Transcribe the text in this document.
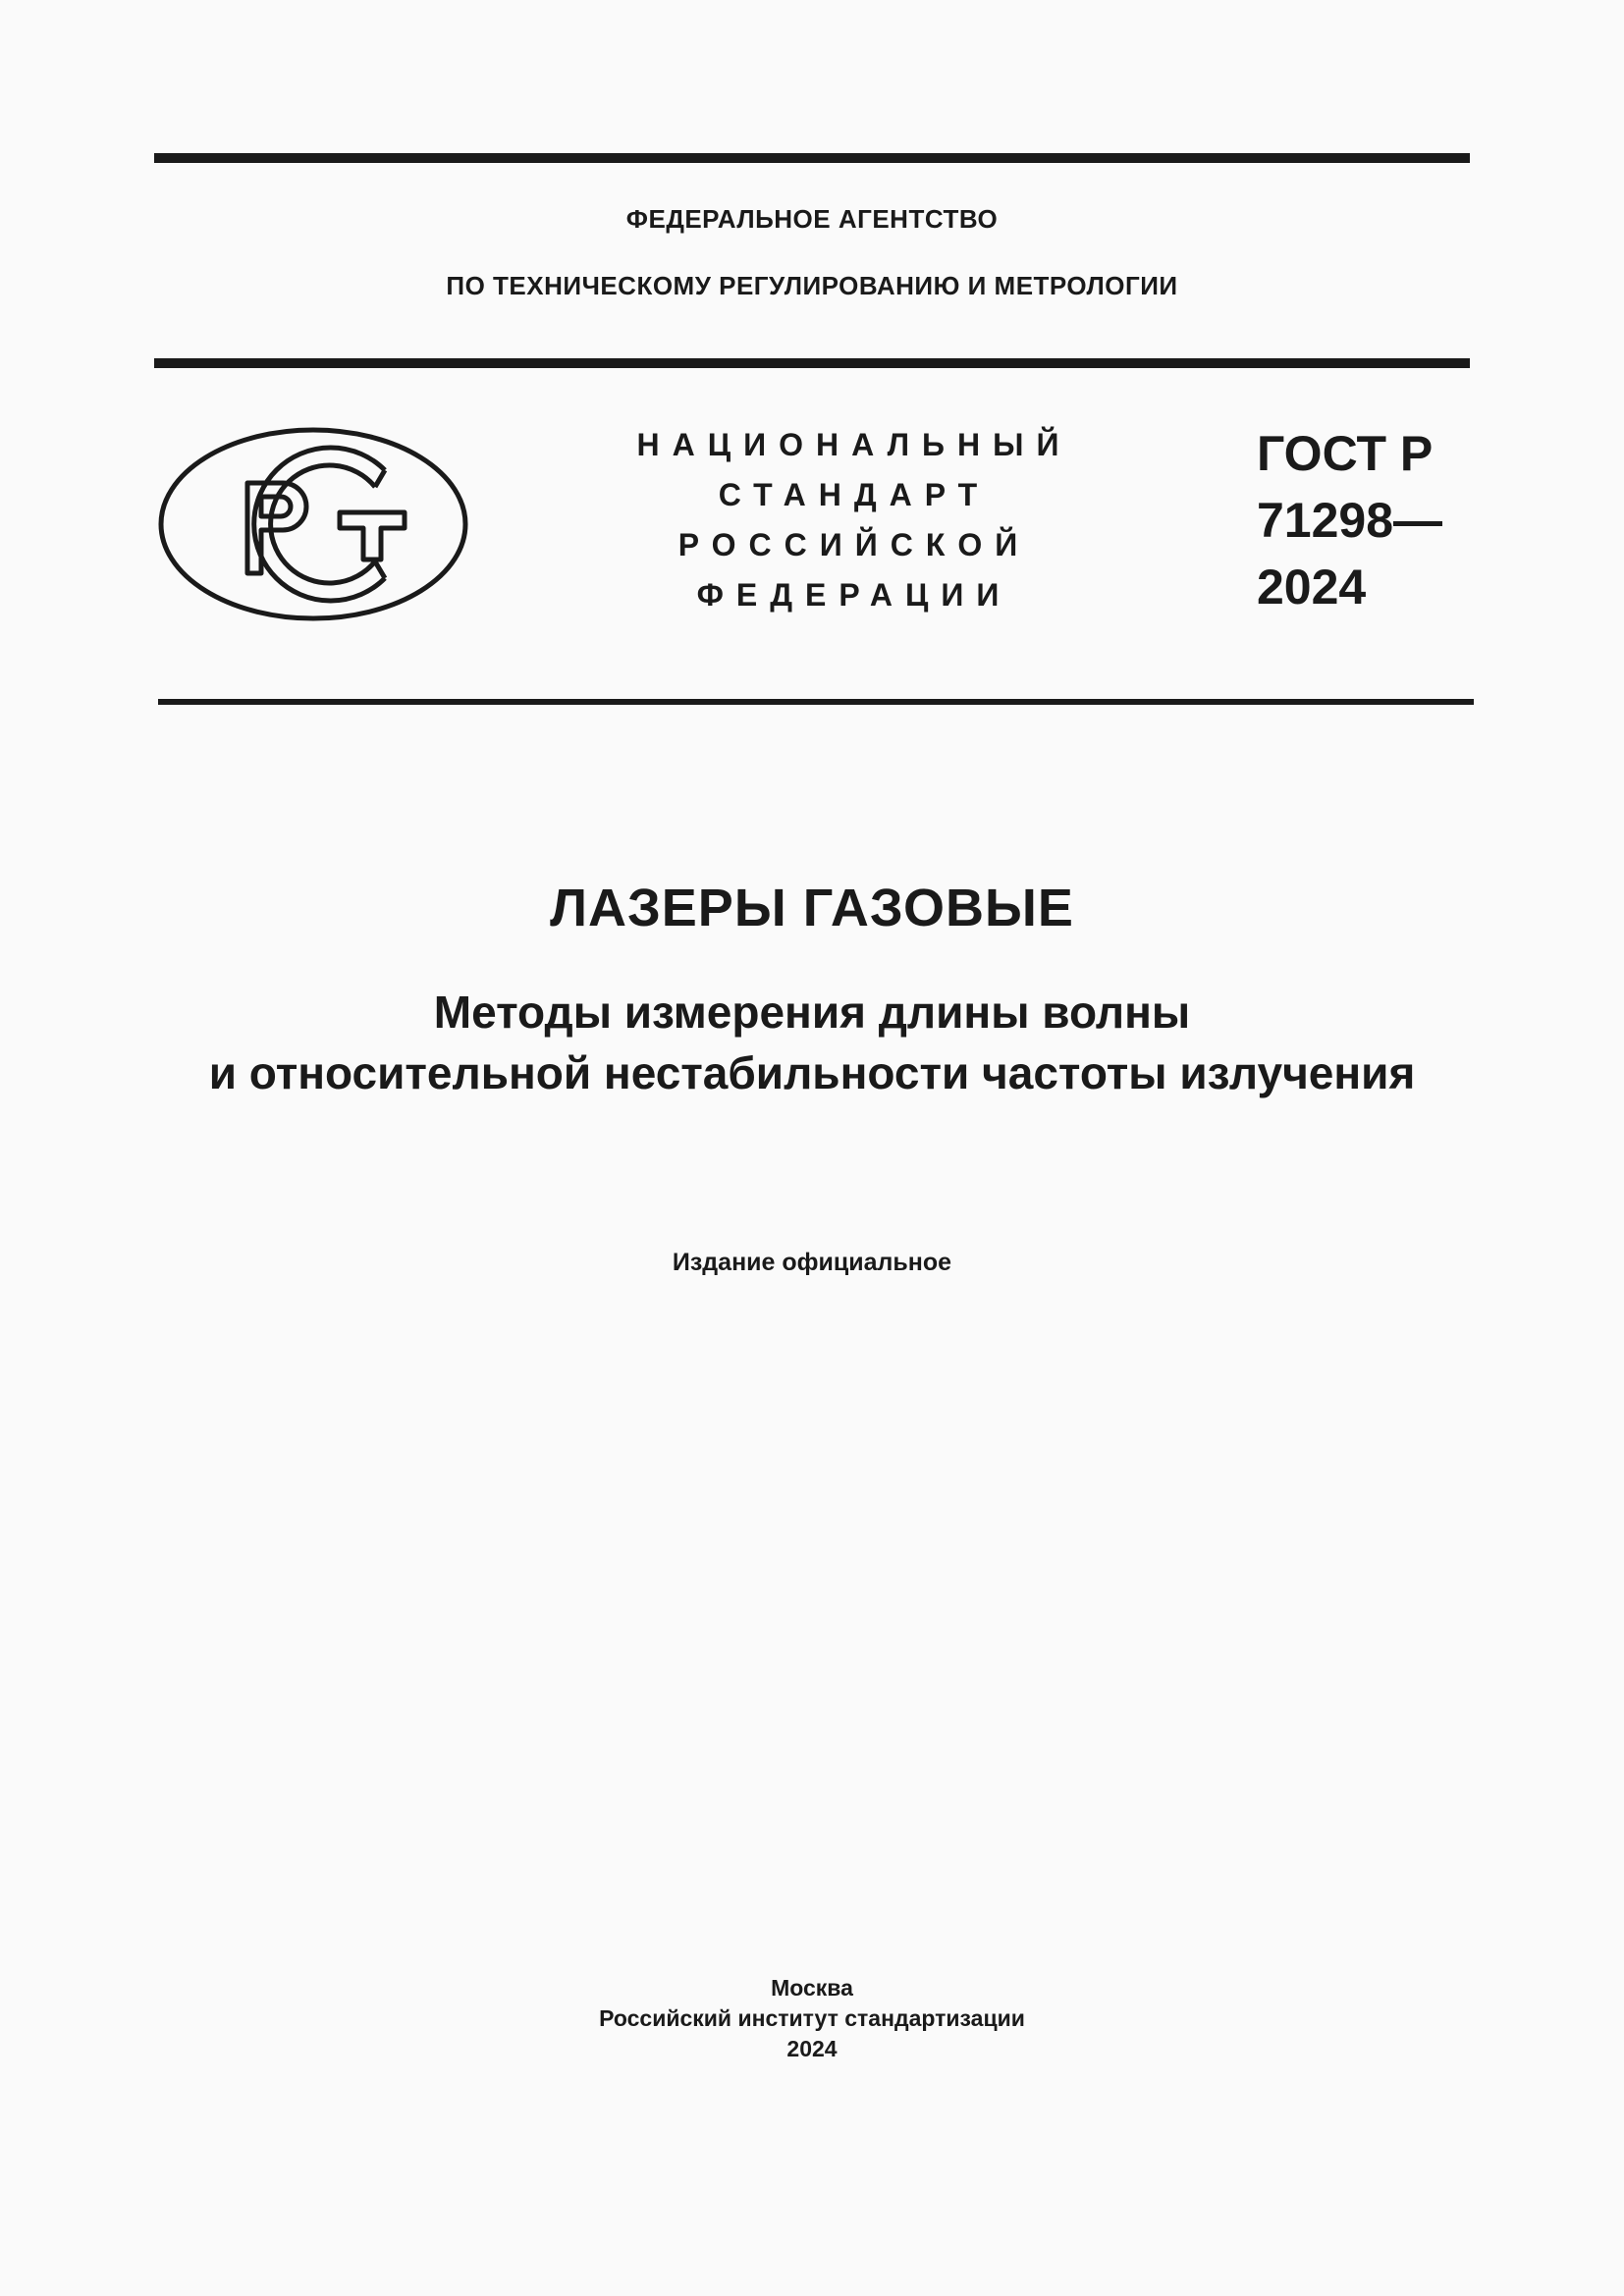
ФЕДЕРАЛЬНОЕ АГЕНТСТВО
ПО ТЕХНИЧЕСКОМУ РЕГУЛИРОВАНИЮ И МЕТРОЛОГИИ
НАЦИОНАЛЬНЫЙ
СТАНДАРТ
РОССИЙСКОЙ
ФЕДЕРАЦИИ
ГОСТ Р
71298—
2024
ЛАЗЕРЫ ГАЗОВЫЕ
Методы измерения длины волны
и относительной нестабильности частоты излучения
Издание официальное
Москва
Российский институт стандартизации
2024
